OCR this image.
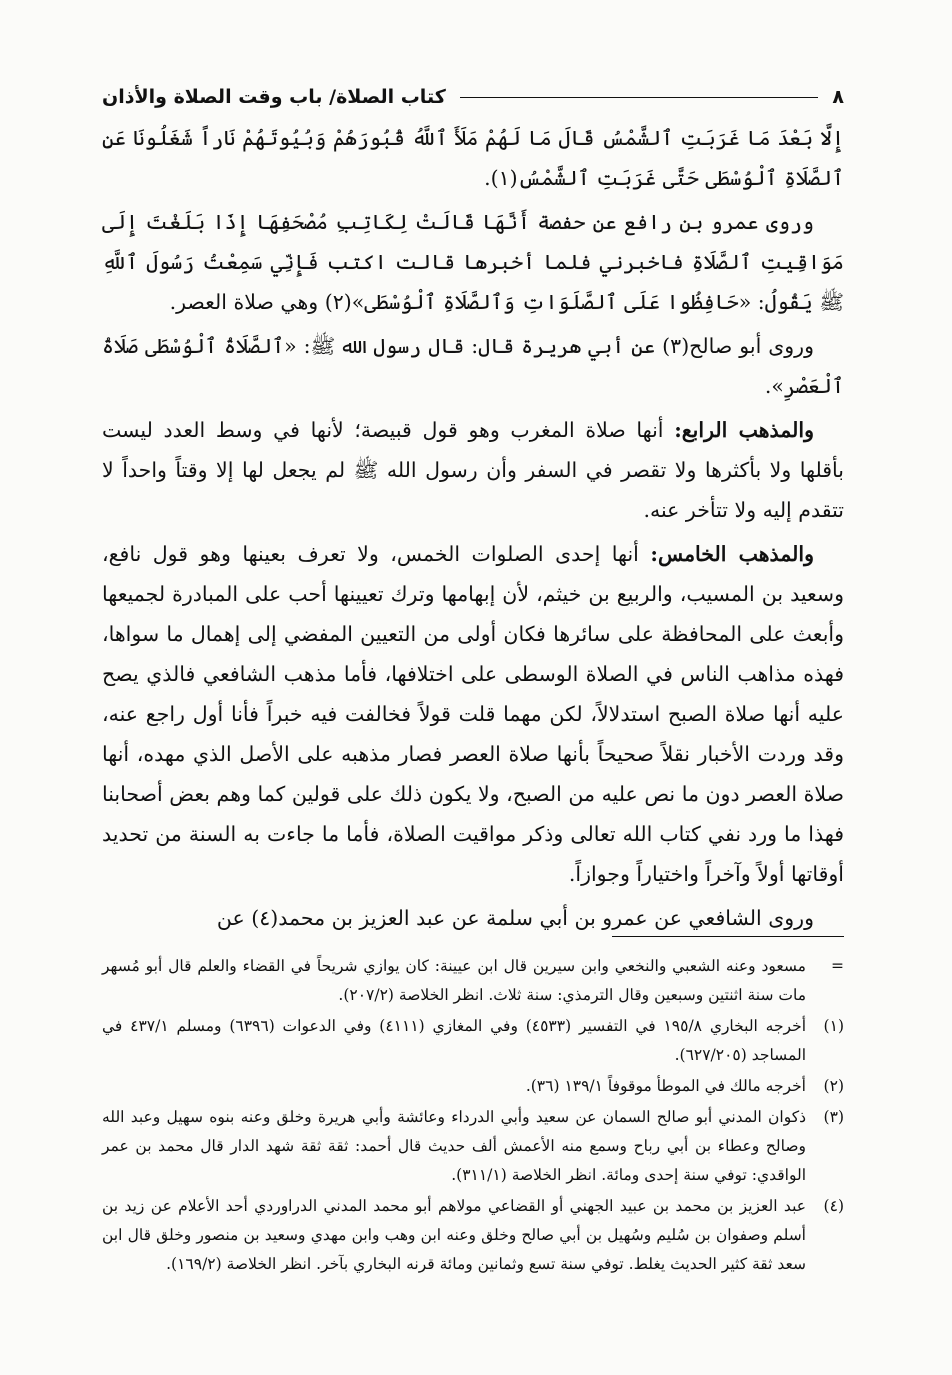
٨
كتاب الصلاة/ باب وقت الصلاة والأذان

إِلَّا بَعْدَ مَا غَرَبَتِ ٱلشَّمْسُ قَالَ مَا لَهُمْ مَلَأَ ٱللَّهُ قُبُورَهُمْ وَبُيُوتَهُمْ نَاراً شَغَلُونَا عَنِ ٱلصَّلَاةِ ٱلْوُسْطَى حَتَّى غَرَبَتِ ٱلشَّمْسُ(١).

وروى عمرو بن رافع عن حفصة أَنَّهَا قَالَتْ لِكَاتِبِ مُصْحَفِهَا إِذَا بَلَغْتَ إِلَى مَوَاقِيتِ ٱلصَّلَاةِ فاخبرني فلما أخبرها قالت اكتب فَإِنِّي سَمِعْتُ رَسُولَ ٱللَّهِ ﷺ يَقُولُ: «حَافِظُوا عَلَى ٱلصَّلَوَاتِ وَٱلصَّلَاةِ ٱلْوُسْطَى»(٢) وهي صلاة العصر.

وروى أبو صالح(٣) عن أبي هريرة قال: قال رسول الله ﷺ: «ٱلصَّلَاةُ ٱلْوُسْطَى صَلَاةُ ٱلْعَصْرِ».

والمذهب الرابع: أنها صلاة المغرب وهو قول قبيصة؛ لأنها في وسط العدد ليست بأقلها ولا بأكثرها ولا تقصر في السفر وأن رسول الله ﷺ لم يجعل لها إلا وقتاً واحداً لا تتقدم إليه ولا تتأخر عنه.

والمذهب الخامس: أنها إحدى الصلوات الخمس، ولا تعرف بعينها وهو قول نافع، وسعيد بن المسيب، والربيع بن خيثم، لأن إبهامها وترك تعيينها أحب على المبادرة لجميعها وأبعث على المحافظة على سائرها فكان أولى من التعيين المفضي إلى إهمال ما سواها، فهذه مذاهب الناس في الصلاة الوسطى على اختلافها، فأما مذهب الشافعي فالذي يصح عليه أنها صلاة الصبح استدلالاً، لكن مهما قلت قولاً فخالفت فيه خبراً فأنا أول راجع عنه، وقد وردت الأخبار نقلاً صحيحاً بأنها صلاة العصر فصار مذهبه على الأصل الذي مهده، أنها صلاة العصر دون ما نص عليه من الصبح، ولا يكون ذلك على قولين كما وهم بعض أصحابنا فهذا ما ورد نفي كتاب الله تعالى وذكر مواقيت الصلاة، فأما ما جاءت به السنة من تحديد أوقاتها أولاً وآخراً واختياراً وجوازاً.

وروى الشافعي عن عمرو بن أبي سلمة عن عبد العزيز بن محمد(٤) عن

=
مسعود وعنه الشعبي والنخعي وابن سيرين قال ابن عيينة: كان يوازي شريحاً في القضاء والعلم قال أبو مُسهر مات سنة اثنتين وسبعين وقال الترمذي: سنة ثلاث. انظر الخلاصة (٢٠٧/٢).
(١)
أخرجه البخاري ١٩٥/٨ في التفسير (٤٥٣٣) وفي المغازي (٤١١١) وفي الدعوات (٦٣٩٦) ومسلم ٤٣٧/١ في المساجد (٦٢٧/٢٠٥).
(٢)
أخرجه مالك في الموطأ موقوفاً ١٣٩/١ (٣٦).
(٣)
ذكوان المدني أبو صالح السمان عن سعيد وأبي الدرداء وعائشة وأبي هريرة وخلق وعنه بنوه سهيل وعبد الله وصالح وعطاء بن أبي رباح وسمع منه الأعمش ألف حديث قال أحمد: ثقة ثقة شهد الدار قال محمد بن عمر الواقدي: توفي سنة إحدى ومائة. انظر الخلاصة (٣١١/١).
(٤)
عبد العزيز بن محمد بن عبيد الجهني أو القضاعي مولاهم أبو محمد المدني الدراوردي أحد الأعلام عن زيد بن أسلم وصفوان بن سُليم وسُهيل بن أبي صالح وخلق وعنه ابن وهب وابن مهدي وسعيد بن منصور وخلق قال ابن سعد ثقة كثير الحديث يغلط. توفي سنة تسع وثمانين ومائة قرنه البخاري بآخر. انظر الخلاصة (١٦٩/٢).
